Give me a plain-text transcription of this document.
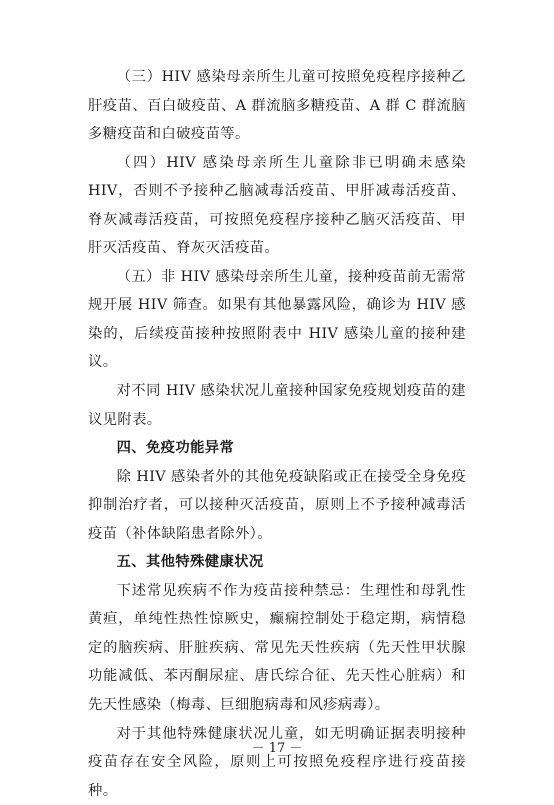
（三）HIV 感染母亲所生儿童可按照免疫程序接种乙肝疫苗、百白破疫苗、A 群流脑多糖疫苗、A 群 C 群流脑多糖疫苗和白破疫苗等。

（四）HIV 感染母亲所生儿童除非已明确未感染 HIV，否则不予接种乙脑减毒活疫苗、甲肝减毒活疫苗、脊灰减毒活疫苗，可按照免疫程序接种乙脑灭活疫苗、甲肝灭活疫苗、脊灰灭活疫苗。

（五）非 HIV 感染母亲所生儿童，接种疫苗前无需常规开展 HIV 筛查。如果有其他暴露风险，确诊为 HIV 感染的，后续疫苗接种按照附表中 HIV 感染儿童的接种建议。

对不同 HIV 感染状况儿童接种国家免疫规划疫苗的建议见附表。

四、免疫功能异常

除 HIV 感染者外的其他免疫缺陷或正在接受全身免疫抑制治疗者，可以接种灭活疫苗，原则上不予接种减毒活疫苗（补体缺陷患者除外）。

五、其他特殊健康状况

下述常见疾病不作为疫苗接种禁忌：生理性和母乳性黄疸，单纯性热性惊厥史，癫痫控制处于稳定期，病情稳定的脑疾病、肝脏疾病、常见先天性疾病（先天性甲状腺功能减低、苯丙酮尿症、唐氏综合征、先天性心脏病）和先天性感染（梅毒、巨细胞病毒和风疹病毒）。

对于其他特殊健康状况儿童，如无明确证据表明接种疫苗存在安全风险，原则上可按照免疫程序进行疫苗接种。

－ 17 －
